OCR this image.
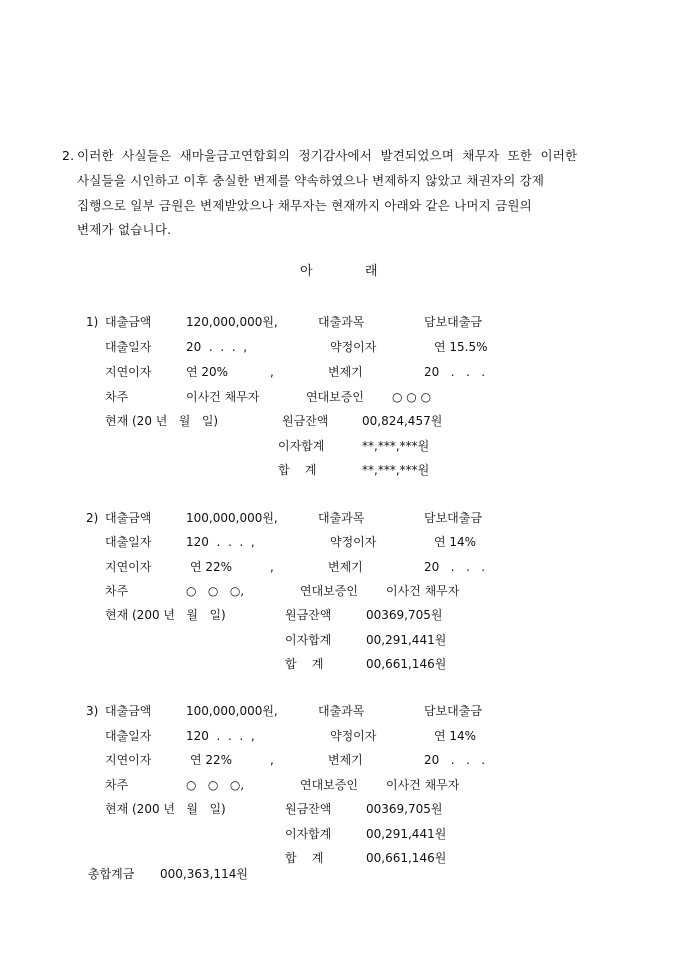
2. 이러한  사실들은  새마을금고연합회의  정기감사에서  발견되었으며  채무자  또한  이러한
사실들을 시인하고 이후 충실한 변제를 약속하였으나 변제하지 않았고 채권자의 강제
집행으로 일부 금원은 변제받았으나 채무자는 현재까지 아래와 같은 나머지 금원의
변제가 없습니다.
아	래
1) 대출금액	120,000,000원,	대출과목	담보대출금
대출일자	20  .  .  .  ,	약정이자	연 15.5%
지연이자	연 20%	,	변제기	20   .   .   .
차주	이사건 채무자	연대보증인 ○ ○ ○
현재 (20 년   월   일)	원금잔액	00,824,457원
이자합계	**,***,***원
합    계	**,***,***원
2) 대출금액	100,000,000원,	대출과목	담보대출금
대출일자	120  .  .  .  ,	약정이자	연 14%
지연이자	연 22%	,	변제기	20   .   .   .
차주	○   ○   ○,	연대보증인 이사건 채무자
현재 (200 년   월   일)	원금잔액	00369,705원
이자합계	00,291,441원
합    계	00,661,146원
3) 대출금액	100,000,000원,	대출과목	담보대출금
대출일자	120  .  .  .  ,	약정이자	연 14%
지연이자	연 22%	,	변제기	20   .   .   .
차주	○   ○   ○,	연대보증인 이사건 채무자
현재 (200 년   월   일)	원금잔액	00369,705원
이자합계	00,291,441원
합    계	00,661,146원
총합계금 000,363,114원
